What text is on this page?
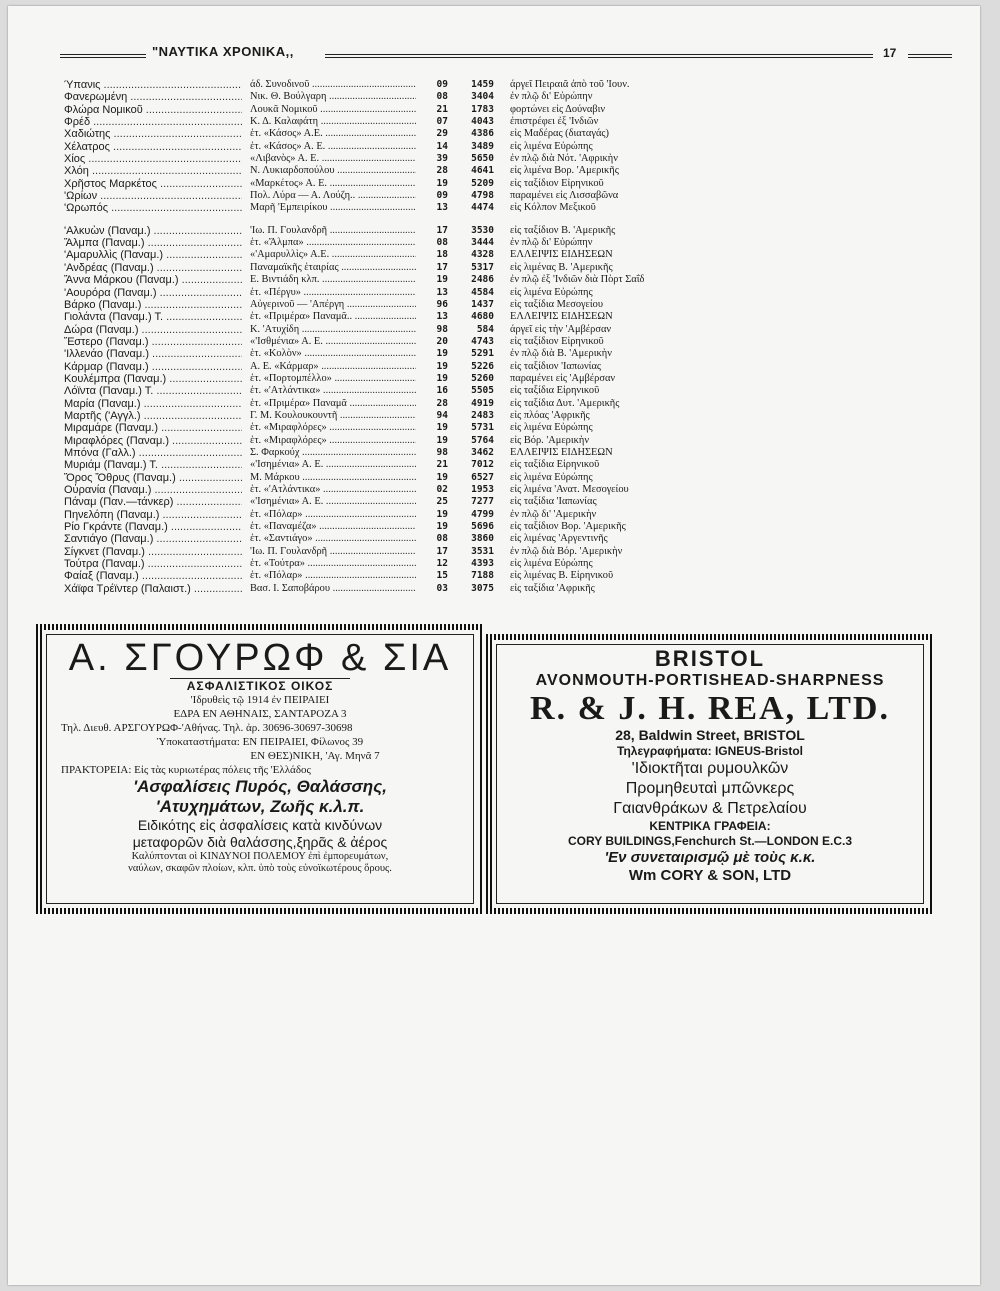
"ΝΑΥΤΙΚΑ ΧΡΟΝΙΚΑ,,	17
Ύπανις .....	άδ. Συνοδινοῦ .....	09	1459 άργεῖ Πειραιᾶ ἀπὸ τοῦ 'Ιουν.
Φανερωμένη .....	Νικ. Θ. Βούλγαρη .....	08	3404 ἐν πλῷ δι' Εὐρώπην
Φλώρα Νομικοῦ .....	Λουκᾶ Νομικοῦ .....	21	1783 φορτώνει εἰς Δούναβιν
Φρέδ .....	Κ. Δ. Καλαφάτη .....	07	4043 ἐπιστρέφει ἐξ 'Ινδιῶν
Χαδιώτης .....	ἑτ. «Κάσος» Α.Ε. .....	29	4386 εἰς Μαδέρας (διαταγάς)
Χέλατρος .....	ἑτ. «Κάσος» Α. Ε. .....	14	3489 εἰς λιμένα Εὐρώπης
Χίος .....	«Λιβανὸς» Α. Ε. .....	39	5650 ἐν πλῷ διὰ Νότ. 'Αφρικὴν
Χλόη .....	Ν. Λυκιαρδοπούλου .....	28	4641 εἰς λιμένα Βορ. 'Αμερικῆς
Χρῆστος Μαρκέτος .....	«Μαρκέτος» Α. Ε. .....	19	5209 εἰς ταξίδιον Εἰρηνικοῦ
'Ωρίων .....	Πολ. Λύρα — Α. Λούζη.. .....	09	4798 παραμένει εἰς Λισσαβῶνα
'Ωρωπός .....	Μαρῆ 'Εμπειρίκου .....	13	4474 εἰς Κόλπον Μεξικοῦ
'Αλκυὼν (Παναμ.) .....	'Ιω. Π. Γουλανδρῆ .....	17	3530 εἰς ταξίδιον Β. 'Αμερικῆς
Ἄλμπα (Παναμ.) .....	ἑτ. «Ἄλμπα» .....	08	3444 ἐν πλῷ δι' Εὐρώπην
'Αμαρυλλὶς (Παναμ.) .....	«'Αμαρυλλὶς» Α.Ε. .....	18	4328 ΕΛΛΕΙΨΙΣ ΕΙΔΗΣΕΩΝ
'Ανδρέας (Παναμ.) .....	Παναμαϊκῆς ἑταιρίας .....	17	5317 εἰς λιμένας Β. 'Αμερικῆς
Ἄννα Μάρκου (Παναμ.) .....	Ε. Βιντιάδη κλπ. .....	19	2486 ἐν πλῷ ἐξ 'Ινδιῶν διὰ Πὸρτ Σαΐδ
'Αουρόρα (Παναμ.) .....	ἑτ. «Πέργυ» .....	13	4584 εἰς λιμένα Εὐρώπης
Βάρκο (Παναμ.) .....	Αὐγερινοῦ — 'Απέργη .....	96	1437 εἰς ταξίδια Μεσογείου
Γιολάντα (Παναμ.) Τ. .....	ἑτ. «Πριμέρα» Παναμᾶ.. .....	13	4680 ΕΛΛΕΙΨΙΣ ΕΙΔΗΣΕΩΝ
Δώρα (Παναμ.) .....	Κ. 'Ατυχίδη .....	98	584 άργεῖ εἰς τὴν 'Αμβέρσαν
Ἔστερο (Παναμ.) .....	«'Ισθμένια» Α. Ε. .....	20	4743 εἰς ταξίδιον Εἰρηνικοῦ
'Ιλλενάο (Παναμ.) .....	ἑτ. «Κολὸν» .....	19	5291 ἐν πλῷ διὰ Β. 'Αμερικὴν
Κάρμαρ (Παναμ.) .....	Α. Ε. «Κάρμαρ» .....	19	5226 εἰς ταξίδιον 'Ιαπωνίας
Κουλέμπρα (Παναμ.) .....	ἑτ. «Πορτομπέλλο» .....	19	5260 παραμένει εἰς 'Αμβέρσαν
Λόϊντα (Παναμ.) Τ. .....	ἑτ. «'Ατλάντικα» .....	16	5505 εἰς ταξίδια Εἰρηνικοῦ
Μαρία (Παναμ.) .....	ἑτ. «Πριμέρα» Παναμᾶ .....	28	4919 εἰς ταξίδια Δυτ. 'Αμερικῆς
Μαρτῆς ('Αγγλ.) .....	Γ. Μ. Κουλουκουντῆ .....	94	2483 εἰς πλόας 'Αφρικῆς
Μιραμάρε (Παναμ.) .....	ἑτ. «Μιραφλόρες» .....	19	5731 εἰς λιμένα Εὐρώπης
Μιραφλόρες (Παναμ.) .....	ἑτ. «Μιραφλόρες» .....	19	5764 εἰς Βόρ. 'Αμερικὴν
Μπόνα (Γαλλ.) .....	Σ. Φαρκούχ .....	98	3462 ΕΛΛΕΙΨΙΣ ΕΙΔΗΣΕΩΝ
Μυριάμ (Παναμ.) Τ. .....	«'Ισημένια» Α. Ε. .....	21	7012 εἰς ταξίδια Εἰρηνικοῦ
Ὄρος Ὄθρυς (Παναμ.) .....	Μ. Μάρκου .....	19	6527 εἰς λιμένα Εὐρώπης
Οὐρανία (Παναμ.) .....	ἑτ. «'Ατλάντικα» .....	02	1953 εἰς λιμένα 'Ανατ. Μεσογείου
Πάναμ (Παν.—τάνκερ) .....	«'Ισημένια» Α. Ε. .....	25	7277 εἰς ταξίδια 'Ιαπωνίας
Πηνελόπη (Παναμ.) .....	ἑτ. «Πόλαρ» .....	19	4799 ἐν πλῷ δι' 'Αμερικὴν
Ρίο Γκράντε (Παναμ.) .....	ἑτ. «Παναμέζα» .....	19	5696 εἰς ταξίδιον Βορ. 'Αμερικῆς
Σαντιάγο (Παναμ.) .....	ἑτ. «Σαντιάγο» .....	08	3860 εἰς λιμένας 'Αργεντινῆς
Σίγκνετ (Παναμ.) .....	'Ιω. Π. Γουλανδρῆ .....	17	3531 ἐν πλῷ διὰ Βόρ. 'Αμερικὴν
Τούτρα (Παναμ.) .....	ἑτ. «Τούτρα» .....	12	4393 εἰς λιμένα Εὐρώπης
Φαίαξ (Παναμ.) .....	ἑτ. «Πόλαρ» .....	15	7188 εἰς λιμένας Β. Εἰρηνικοῦ
Χάϊφα Τρέϊντερ (Παλαιστ.) .....	Βασ. Ι. Σαποβάρου .....	03	3075 εἰς ταξίδια 'Αφρικῆς
Α. ΣΓΟΥΡΩΦ & ΣΙΑ
ΑΣΦΑΛΙΣΤΙΚΟΣ ΟΙΚΟΣ
'Ιδρυθεὶς τῷ 1914 ἐν ΠΕΙΡΑΙΕΙ
ΕΔΡΑ ΕΝ ΑΘΗΝΑΙΣ, ΣΑΝΤΑΡΟΖΑ 3
Τηλ. Διευθ. ΑΡΣΓΟΥΡΩΦ-'Αθήνας. Τηλ. ἀρ. 30696-30697-30698
Ὑποκαταστήματα: ΕΝ ΠΕΙΡΑΙΕΙ, Φίλωνος 39
ΕΝ ΘΕΣ)ΝΙΚΗ, 'Αγ. Μηνᾶ 7
ΠΡΑΚΤΟΡΕΙΑ: Εἰς τὰς κυριωτέρας πόλεις τῆς 'Ελλάδος
'Ασφαλίσεις Πυρός, Θαλάσσης,
'Ατυχημάτων, Ζωῆς κ.λ.π.
Ειδικότης εἰς ἀσφαλίσεις κατὰ κινδύνων
μεταφορῶν διὰ θαλάσσης,ξηρᾶς & ἀέρος
Καλύπτονται οἱ ΚΙΝΔΥΝΟΙ ΠΟΛΕΜΟΥ ἐπὶ ἐμπορευμάτων,
ναύλων, σκαφῶν πλοίων, κλπ. ὑπὸ τοὺς εὐνοϊκωτέρους ὅρους.
BRISTOL
AVONMOUTH-PORTISHEAD-SHARPNESS
R. & J. H. REA, LTD.
28, Baldwin Street, BRISTOL
Τηλεγραφήματα: IGNEUS-Bristol
'Ιδιοκτῆται ρυμουλκῶν
Προμηθευταὶ μπῶνκερς
Γαιανθράκων & Πετρελαίου
ΚΕΝΤΡΙΚΑ ΓΡΑΦΕΙΑ:
CORY BUILDINGS,Fenchurch St.—LONDON E.C.3
'Εν συνεταιρισμῷ μὲ τοὺς κ.κ.
Wm CORY & SON, LTD
